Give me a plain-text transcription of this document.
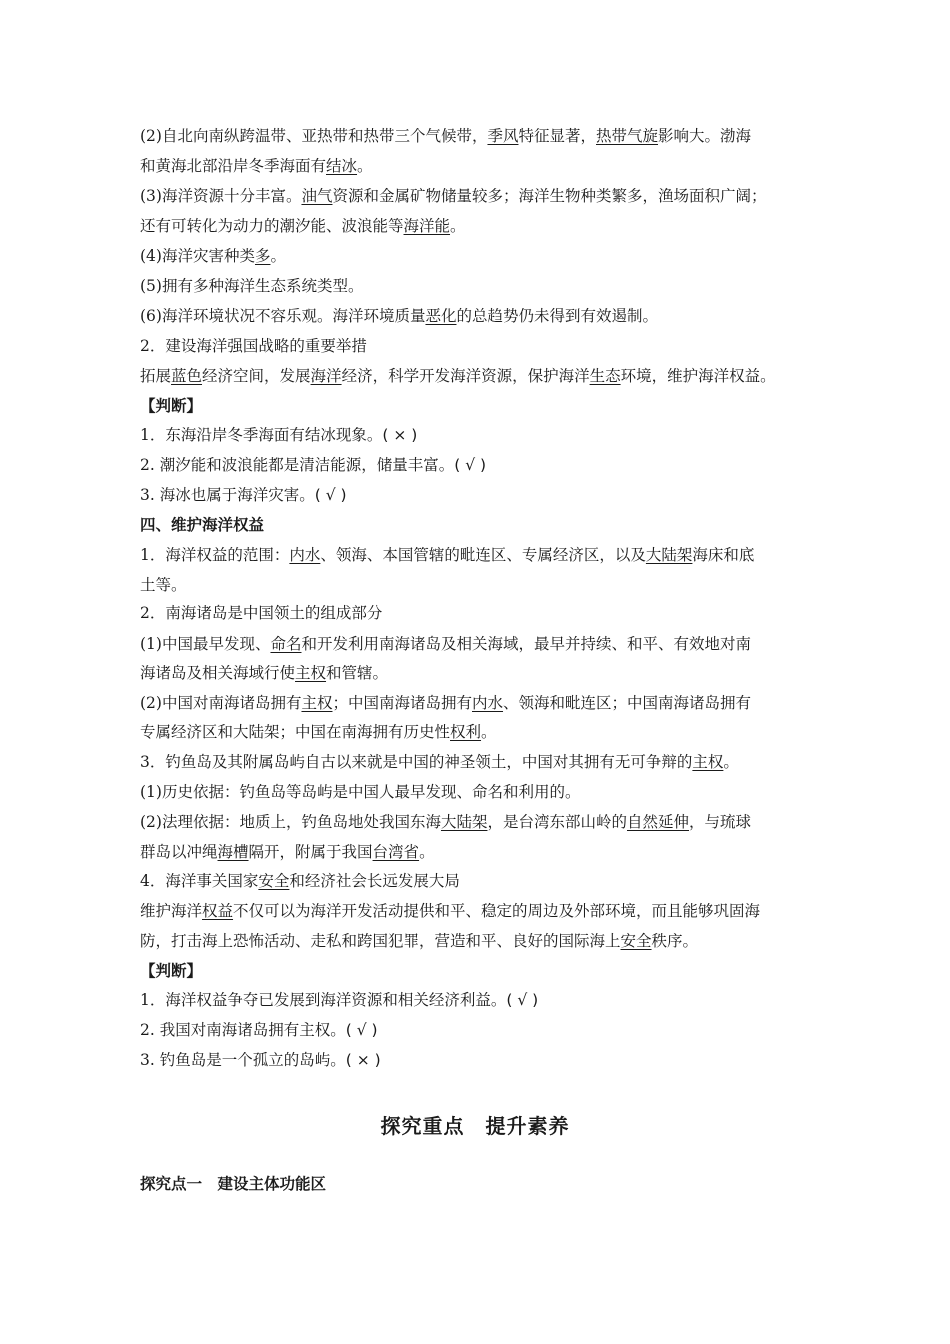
(2)自北向南纵跨温带、亚热带和热带三个气候带，季风特征显著，热带气旋影响大。渤海
和黄海北部沿岸冬季海面有结冰。
(3)海洋资源十分丰富。油气资源和金属矿物储量较多；海洋生物种类繁多，渔场面积广阔；
还有可转化为动力的潮汐能、波浪能等海洋能。
(4)海洋灾害种类多。
(5)拥有多种海洋生态系统类型。
(6)海洋环境状况不容乐观。海洋环境质量恶化的总趋势仍未得到有效遏制。
2．建设海洋强国战略的重要举措
拓展蓝色经济空间，发展海洋经济，科学开发海洋资源，保护海洋生态环境，维护海洋权益。
【判断】
1．东海沿岸冬季海面有结冰现象。( × )
2. 潮汐能和波浪能都是清洁能源，储量丰富。( √ )
3. 海冰也属于海洋灾害。( √ )
四、维护海洋权益
1．海洋权益的范围：内水、领海、本国管辖的毗连区、专属经济区，以及大陆架海床和底
土等。
2．南海诸岛是中国领土的组成部分
(1)中国最早发现、命名和开发利用南海诸岛及相关海域，最早并持续、和平、有效地对南
海诸岛及相关海域行使主权和管辖。
(2)中国对南海诸岛拥有主权；中国南海诸岛拥有内水、领海和毗连区；中国南海诸岛拥有
专属经济区和大陆架；中国在南海拥有历史性权利。
3．钓鱼岛及其附属岛屿自古以来就是中国的神圣领土，中国对其拥有无可争辩的主权。
(1)历史依据：钓鱼岛等岛屿是中国人最早发现、命名和利用的。
(2)法理依据：地质上，钓鱼岛地处我国东海大陆架，是台湾东部山岭的自然延伸，与琉球
群岛以冲绳海槽隔开，附属于我国台湾省。
4．海洋事关国家安全和经济社会长远发展大局
维护海洋权益不仅可以为海洋开发活动提供和平、稳定的周边及外部环境，而且能够巩固海
防，打击海上恐怖活动、走私和跨国犯罪，营造和平、良好的国际海上安全秩序。
【判断】
1．海洋权益争夺已发展到海洋资源和相关经济利益。( √ )
2. 我国对南海诸岛拥有主权。( √ )
3. 钓鱼岛是一个孤立的岛屿。( × )
探究重点　提升素养
探究点一　建设主体功能区
